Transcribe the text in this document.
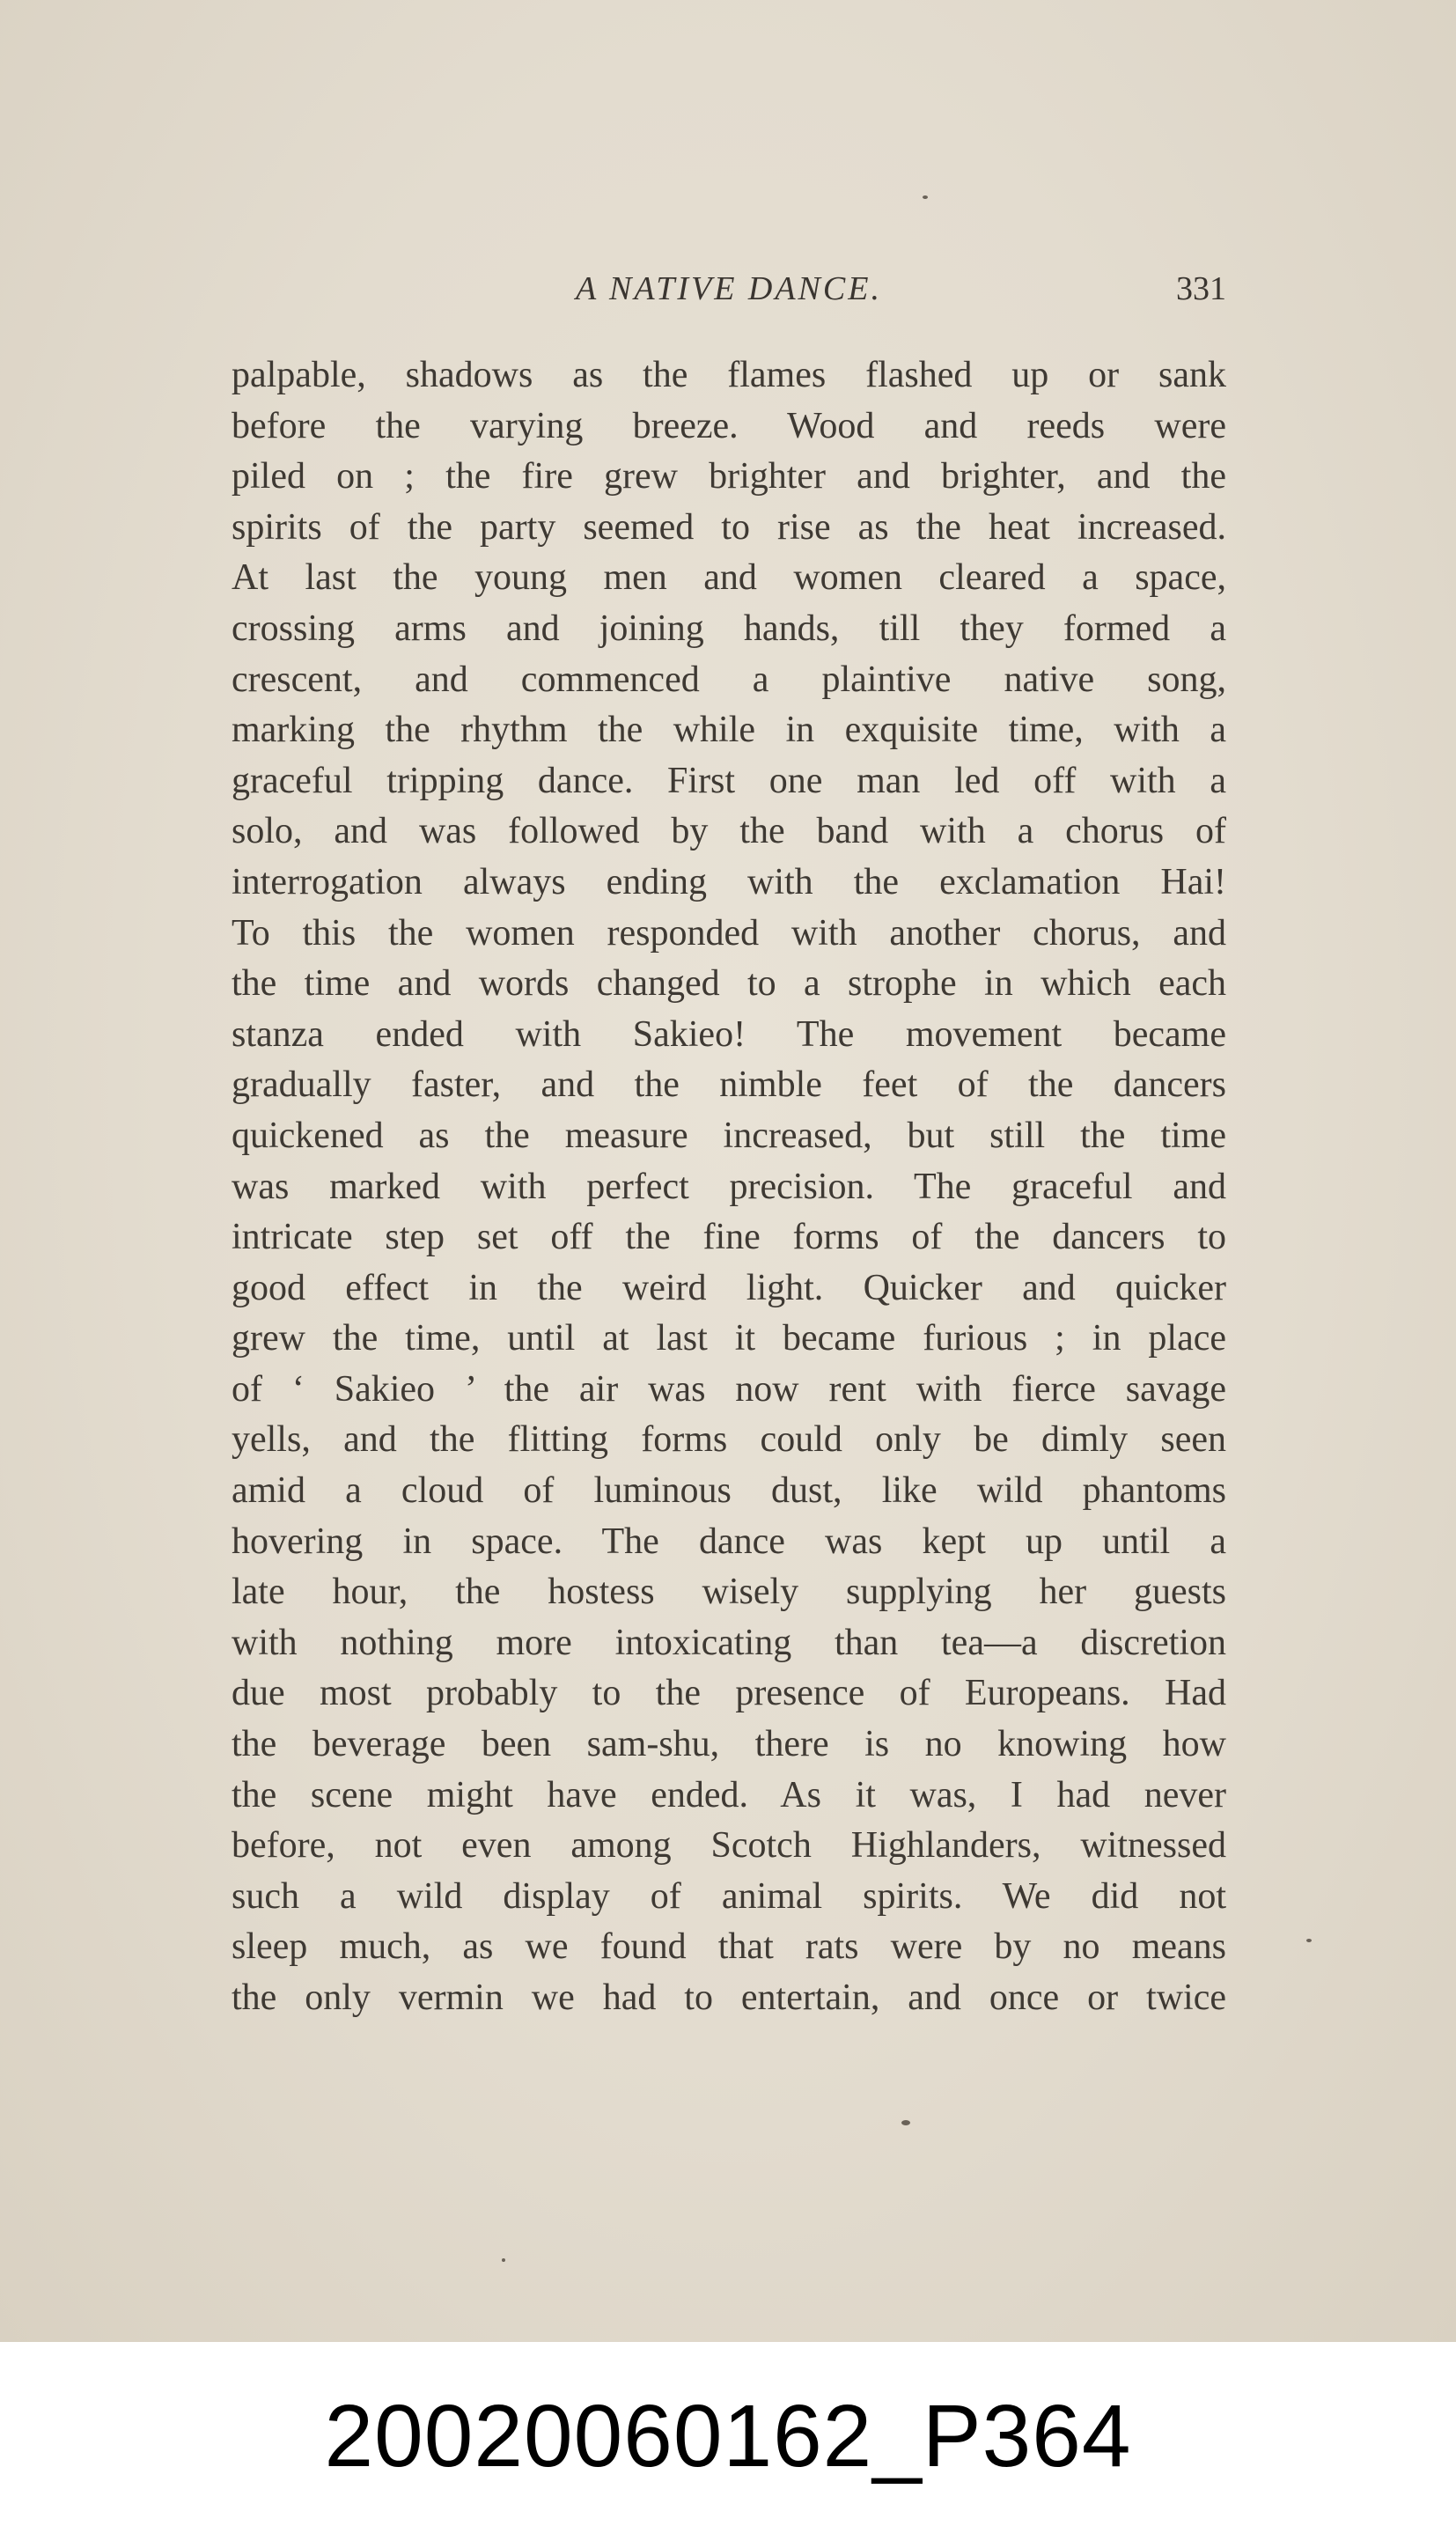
A NATIVE DANCE.	331
palpable, shadows as the flames flashed up or sank
before the varying breeze. Wood and reeds were
piled on ; the fire grew brighter and brighter, and the
spirits of the party seemed to rise as the heat increased.
At last the young men and women cleared a space,
crossing arms and joining hands, till they formed a
crescent, and commenced a plaintive native song,
marking the rhythm the while in exquisite time, with a
graceful tripping dance. First one man led off with a
solo, and was followed by the band with a chorus of
interrogation always ending with the exclamation Hai!
To this the women responded with another chorus, and
the time and words changed to a strophe in which each
stanza ended with Sakieo! The movement became
gradually faster, and the nimble feet of the dancers
quickened as the measure increased, but still the time
was marked with perfect precision. The graceful and
intricate step set off the fine forms of the dancers to
good effect in the weird light. Quicker and quicker
grew the time, until at last it became furious ; in place
of ‘ Sakieo ’ the air was now rent with fierce savage
yells, and the flitting forms could only be dimly seen
amid a cloud of luminous dust, like wild phantoms
hovering in space. The dance was kept up until a
late hour, the hostess wisely supplying her guests
with nothing more intoxicating than tea—a discretion
due most probably to the presence of Europeans. Had
the beverage been sam-shu, there is no knowing how
the scene might have ended. As it was, I had never
before, not even among Scotch Highlanders, witnessed
such a wild display of animal spirits. We did not
sleep much, as we found that rats were by no means
the only vermin we had to entertain, and once or twice
20020060162_P364
